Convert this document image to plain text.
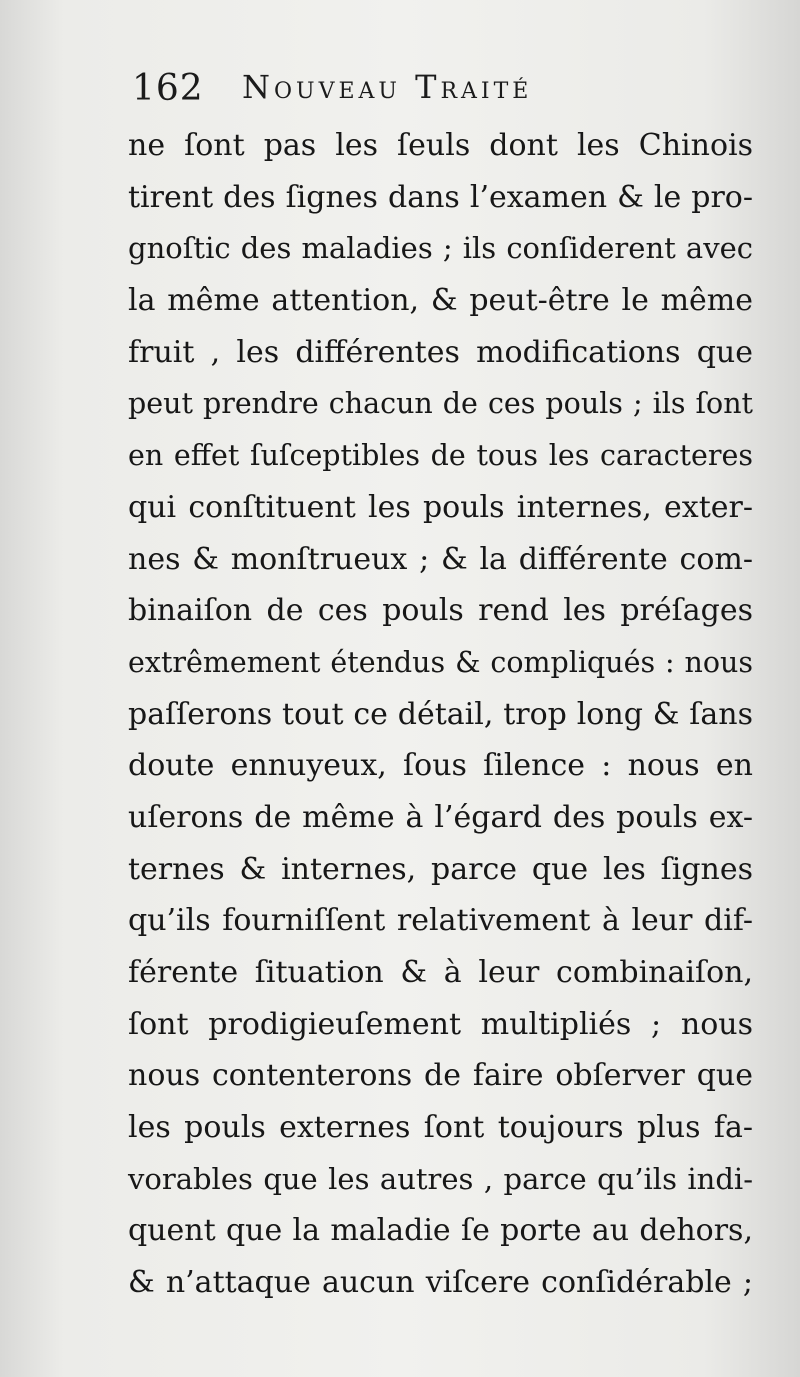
162 Nouveau Traité
ne ſont pas les ſeuls dont les Chinois
tirent des ſignes dans l’examen & le pro-
gnoſtic des maladies ; ils conſiderent avec
la même attention, & peut-être le même
fruit , les différentes modifications que
peut prendre chacun de ces pouls ; ils ſont
en effet ſuſceptibles de tous les caracteres
qui conſtituent les pouls internes, exter-
nes & monſtrueux ; & la différente com-
binaiſon de ces pouls rend les préſages
extrêmement étendus & compliqués : nous
paſſerons tout ce détail, trop long & ſans
doute ennuyeux, ſous ſilence : nous en
uſerons de même à l’égard des pouls ex-
ternes & internes, parce que les ſignes
qu’ils fourniſſent relativement à leur dif-
férente ſituation & à leur combinaiſon,
ſont prodigieuſement multipliés ; nous
nous contenterons de faire obſerver que
les pouls externes ſont toujours plus fa-
vorables que les autres , parce qu’ils indi-
quent que la maladie ſe porte au dehors,
& n’attaque aucun viſcere conſidérable ;
